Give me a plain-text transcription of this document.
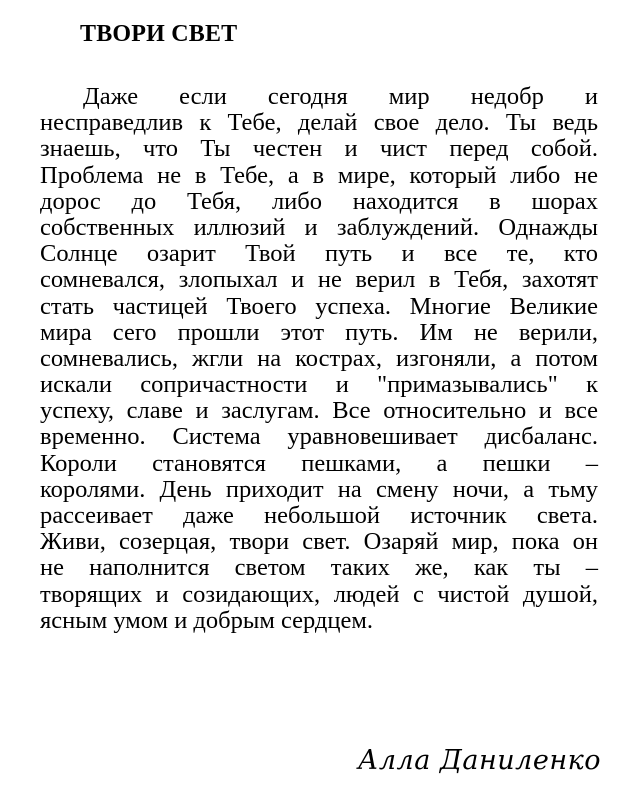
ТВОРИ СВЕТ
Даже если сегодня мир недобр и
несправедлив к Тебе, делай свое дело. Ты ведь
знаешь, что Ты честен и чист перед собой.
Проблема не в Тебе, а в мире, который либо не
дорос до Тебя, либо находится в шорах
собственных иллюзий и заблуждений. Однажды
Солнце озарит Твой путь и все те, кто
сомневался, злопыхал и не верил в Тебя, захотят
стать частицей Твоего успеха. Многие Великие
мира сего прошли этот путь. Им не верили,
сомневались, жгли на кострах, изгоняли, а потом
искали сопричастности и "примазывались" к
успеху, славе и заслугам. Все относительно и все
временно. Система уравновешивает дисбаланс.
Короли становятся пешками, а пешки –
королями. День приходит на смену ночи, а тьму
рассеивает даже небольшой источник света.
Живи, созерцая, твори свет. Озаряй мир, пока он
не наполнится светом таких же, как ты –
творящих и созидающих, людей с чистой душой,
ясным умом и добрым сердцем.
Алла Даниленко
